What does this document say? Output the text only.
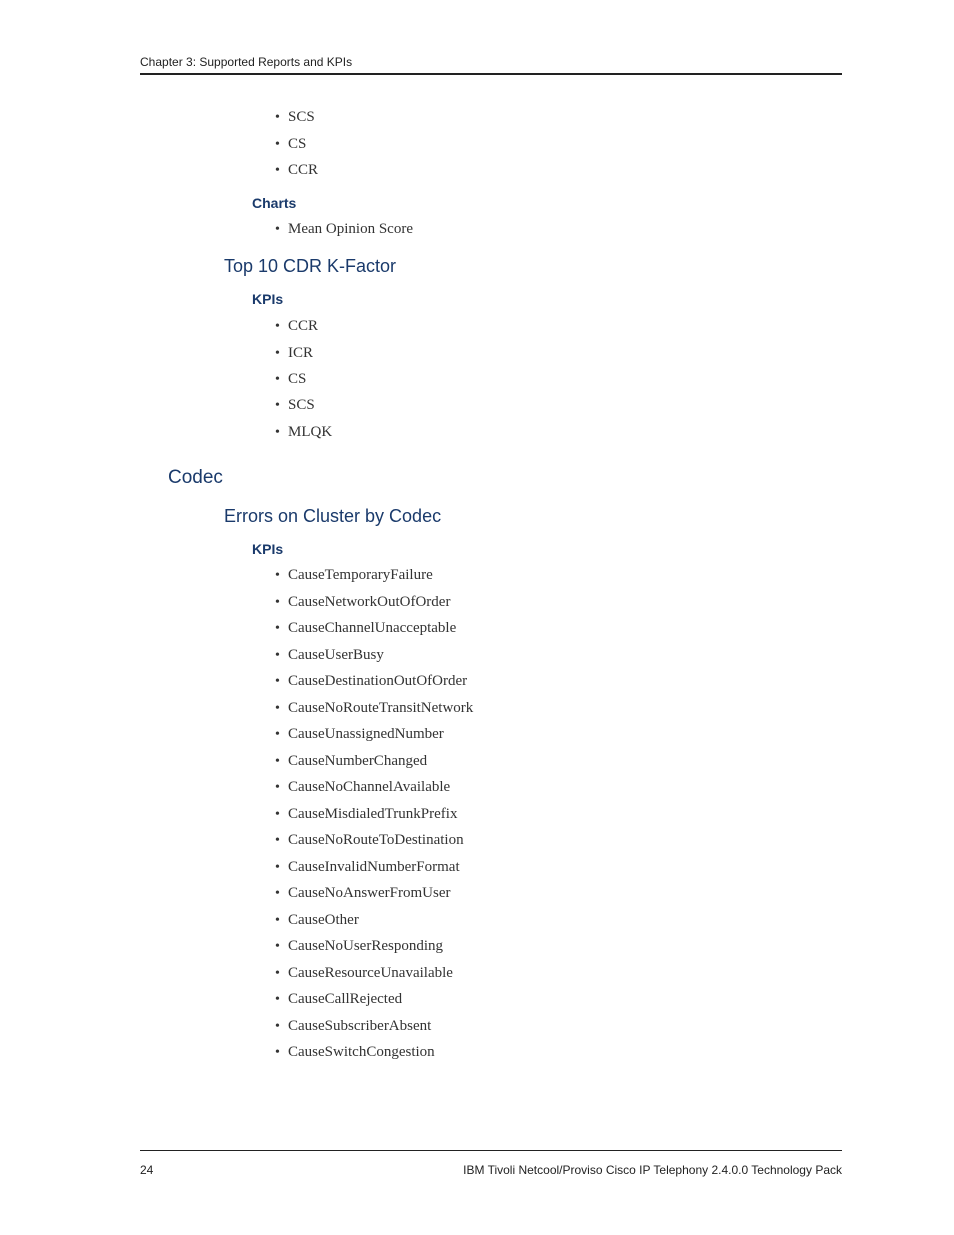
Chapter 3: Supported Reports and KPIs
• SCS
• CS
• CCR
Charts
• Mean Opinion Score
Top 10 CDR K-Factor
KPIs
• CCR
• ICR
• CS
• SCS
• MLQK
Codec
Errors on Cluster by Codec
KPIs
• CauseTemporaryFailure
• CauseNetworkOutOfOrder
• CauseChannelUnacceptable
• CauseUserBusy
• CauseDestinationOutOfOrder
• CauseNoRouteTransitNetwork
• CauseUnassignedNumber
• CauseNumberChanged
• CauseNoChannelAvailable
• CauseMisdialedTrunkPrefix
• CauseNoRouteToDestination
• CauseInvalidNumberFormat
• CauseNoAnswerFromUser
• CauseOther
• CauseNoUserResponding
• CauseResourceUnavailable
• CauseCallRejected
• CauseSubscriberAbsent
• CauseSwitchCongestion
24	IBM Tivoli Netcool/Proviso Cisco IP Telephony 2.4.0.0 Technology Pack
